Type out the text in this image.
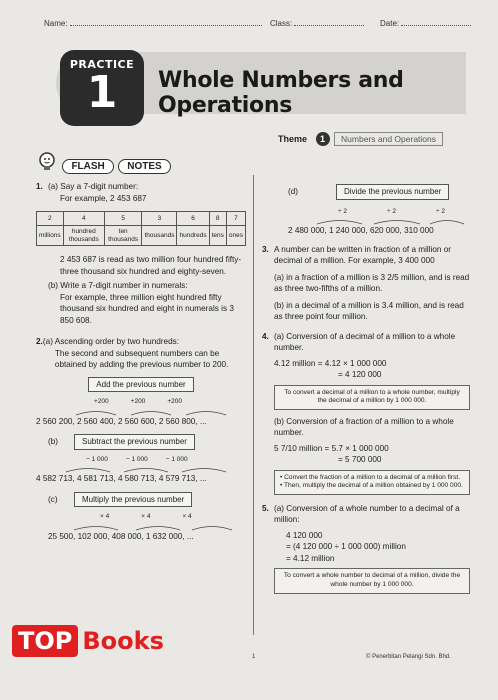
Name:	Class:	Date:
PRACTICE
1	Whole Numbers and Operations
Theme 1 Numbers and Operations
FLASH NOTES
1. (a) Say a 7-digit number:
For example, 2 453 687
2	4	5	3	6	8	7
millions	hundred thousands	ten thousands	thousands	hundreds	tens	ones
2 453 687 is read as two million four hundred fifty-three thousand six hundred and eighty-seven.
(b) Write a 7-digit number in numerals:
For example, three million eight hundred fifty thousand six hundred and eight in numerals is 3 850 608.
2. (a) Ascending order by two hundreds:
The second and subsequent numbers can be obtained by adding the previous number to 200.
Add the previous number
+200	+200	+200
2 560 200, 2 560 400, 2 560 600, 2 560 800, ...
(b)	Subtract the previous number
− 1 000	− 1 000	− 1 000
4 582 713, 4 581 713, 4 580 713, 4 579 713, ...
(c)	Multiply the previous number
× 4	× 4	× 4
25 500, 102 000, 408 000, 1 632 000, ...
(d)	Divide the previous number
÷ 2	÷ 2	÷ 2
2 480 000, 1 240 000, 620 000, 310 000
3. A number can be written in fraction of a million or decimal of a million. For example, 3 400 000
(a) in a fraction of a million is 3 2/5 million, and is read as three two-fifths of a million.
(b) in a decimal of a million is 3.4 million, and is read as three point four million.
4. (a) Conversion of a decimal of a million to a whole number.
4.12 million = 4.12 × 1 000 000
= 4 120 000
To convert a decimal of a million to a whole number, multiply the decimal of a million by 1 000 000.
(b) Conversion of a fraction of a million to a whole number.
5 7/10 million = 5.7 × 1 000 000
= 5 700 000
• Convert the fraction of a million to a decimal of a million first.
• Then, multiply the decimal of a million obtained by 1 000 000.
5. (a) Conversion of a whole number to a decimal of a million:
4 120 000
= (4 120 000 ÷ 1 000 000) million
= 4.12 million
To convert a whole number to decimal of a million, divide the whole number by 1 000 000.
1	© Penerbitan Pelangi Sdn. Bhd.
TOP Books
